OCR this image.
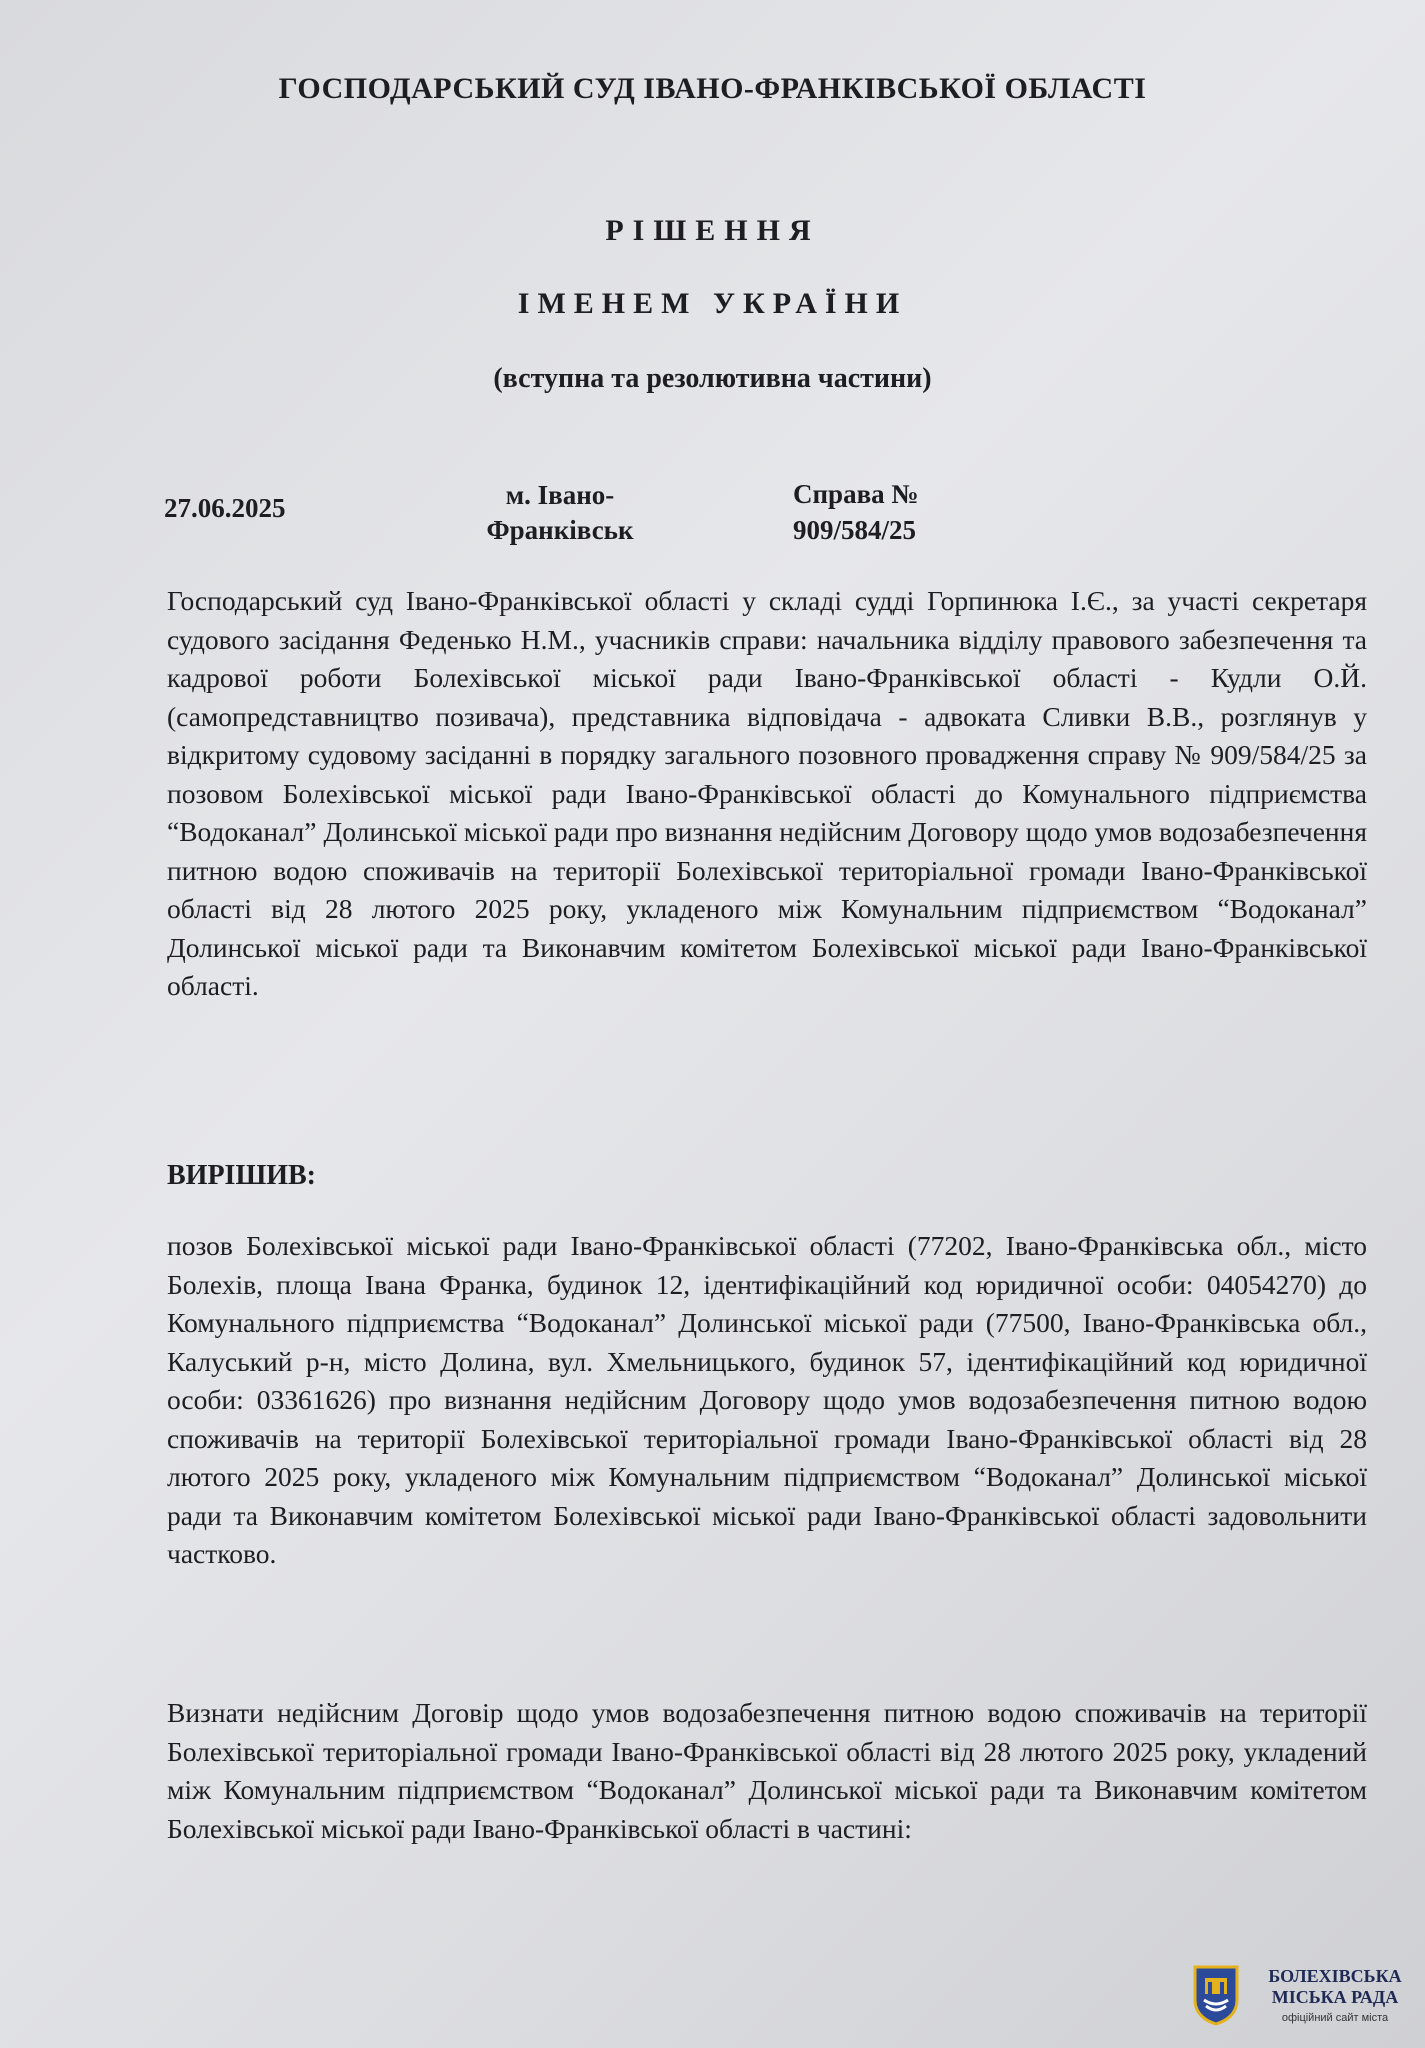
ГОСПОДАРСЬКИЙ СУД ІВАНО-ФРАНКІВСЬКОЇ ОБЛАСТІ
РІШЕННЯ
ІМЕНЕМ УКРАЇНИ
(вступна та резолютивна частини)
27.06.2025	м. Івано-
Франківськ
Справа №
909/584/25
Господарський суд Івано-Франківської області у складі судді Горпинюка І.Є., за участі секретаря судового засідання Феденько Н.М., учасників справи: начальника відділу правового забезпечення та кадрової роботи Болехівської міської ради Івано-Франківської області - Кудли О.Й. (самопредставництво позивача), представника відповідача - адвоката Сливки В.В., розглянув у відкритому судовому засіданні в порядку загального позовного провадження справу № 909/584/25 за позовом Болехівської міської ради Івано-Франківської області до Комунального підприємства “Водоканал” Долинської міської ради про визнання недійсним Договору щодо умов водозабезпечення питною водою споживачів на території Болехівської територіальної громади Івано-Франківської області від 28 лютого 2025 року, укладеного між Комунальним підприємством “Водоканал” Долинської міської ради та Виконавчим комітетом Болехівської міської ради Івано-Франківської області.
ВИРІШИВ:
позов Болехівської міської ради Івано-Франківської області (77202, Івано-Франківська обл., місто Болехів, площа Івана Франка, будинок 12, ідентифікаційний код юридичної особи: 04054270) до Комунального підприємства “Водоканал” Долинської міської ради (77500, Івано-Франківська обл., Калуський р-н, місто Долина, вул. Хмельницького, будинок 57, ідентифікаційний код юридичної особи: 03361626) про визнання недійсним Договору щодо умов водозабезпечення питною водою споживачів на території Болехівської територіальної громади Івано-Франківської області від 28 лютого 2025 року, укладеного між Комунальним підприємством “Водоканал” Долинської міської ради та Виконавчим комітетом Болехівської міської ради Івано-Франківської області задовольнити частково.
Визнати недійсним Договір щодо умов водозабезпечення питною водою споживачів на території Болехівської територіальної громади Івано-Франківської області від 28 лютого 2025 року, укладений між Комунальним підприємством “Водоканал” Долинської міської ради та Виконавчим комітетом Болехівської міської ради Івано-Франківської області в частині:
БОЛЕХІВСЬКА
МІСЬКА РАДА
офіційний сайт міста
